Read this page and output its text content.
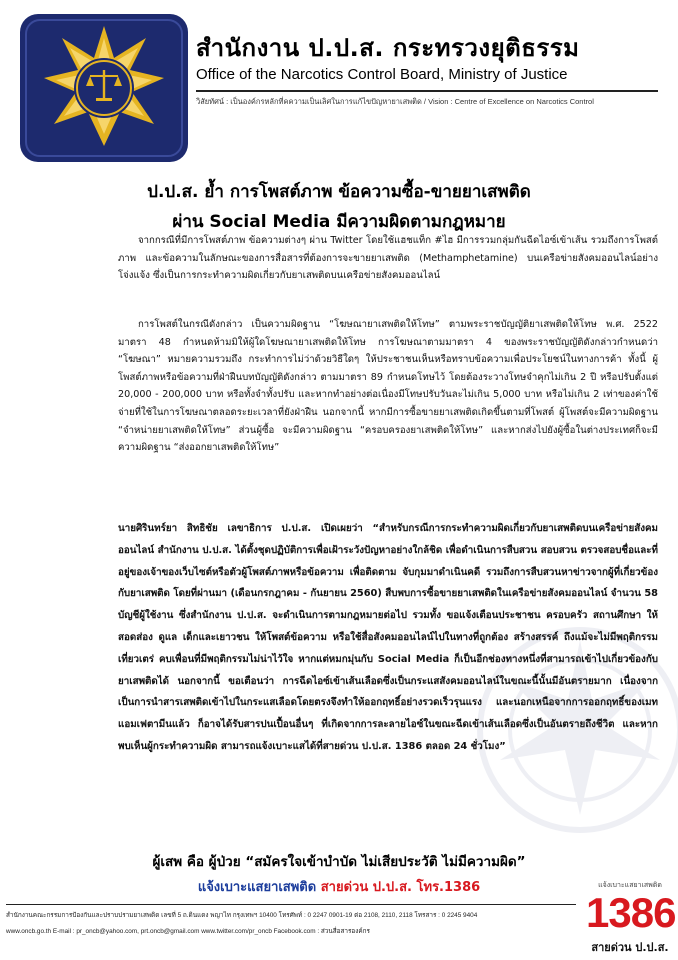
สำนักงาน ป.ป.ส. กระทรวงยุติธรรม
Office of the Narcotics Control Board, Ministry of Justice
วิสัยทัศน์ : เป็นองค์กรหลักที่คความเป็นเลิศในการแก้ไขปัญหายาเสพติด / Vision : Centre of Excellence on Narcotics Control
ป.ป.ส. ย้ำ การโพสต์ภาพ ข้อความซื้อ-ขายยาเสพติด
ผ่าน Social Media มีความผิดตามกฎหมาย
จากกรณีที่มีการโพสต์ภาพ ข้อความต่างๆ ผ่าน Twitter โดยใช้แฮชแท็ก #ไฮ มีการรวมกลุ่มกันฉีดไอซ์เข้าเส้น รวมถึงการโพสต์ภาพ และข้อความในลักษณะของการสื่อสารที่ต้องการจะขายยาเสพติด (Methamphetamine) บนเครือข่ายสังคมออนไลน์อย่างโจ่งแจ้ง ซึ่งเป็นการกระทำความผิดเกี่ยวกับยาเสพติดบนเครือข่ายสังคมออนไลน์
การโพสต์ในกรณีดังกล่าว เป็นความผิดฐาน “โฆษณายาเสพติดให้โทษ” ตามพระราชบัญญัติยาเสพติดให้โทษ พ.ศ. 2522 มาตรา 48 กำหนดห้ามมิให้ผู้ใดโฆษณายาเสพติดให้โทษ การโฆษณาตามมาตรา 4 ของพระราชบัญญัติดังกล่าวกำหนดว่า “โฆษณา” หมายความรวมถึง กระทำการไม่ว่าด้วยวิธีใดๆ ให้ประชาชนเห็นหรือทราบข้อความเพื่อประโยชน์ในทางการค้า ทั้งนี้ ผู้โพสต์ภาพหรือข้อความที่ฝ่าฝืนบทบัญญัติดังกล่าว ตามมาตรา 89 กำหนดโทษไว้ โดยต้องระวางโทษจำคุกไม่เกิน 2 ปี หรือปรับตั้งแต่ 20,000 - 200,000 บาท หรือทั้งจำทั้งปรับ และหากทำอย่างต่อเนื่องมีโทษปรับวันละไม่เกิน 5,000 บาท หรือไม่เกิน 2 เท่าของค่าใช้จ่ายที่ใช้ในการโฆษณาตลอดระยะเวลาที่ยังฝ่าฝืน นอกจากนี้ หากมีการซื้อขายยาเสพติดเกิดขึ้นตามที่โพสต์ ผู้โพสต์จะมีความผิดฐาน “จำหน่ายยาเสพติดให้โทษ” ส่วนผู้ซื้อ จะมีความผิดฐาน “ครอบครองยาเสพติดให้โทษ” และหากส่งไปยังผู้ซื้อในต่างประเทศก็จะมีความผิดฐาน “ส่งออกยาเสพติดให้โทษ”
นายศิรินทร์ยา สิทธิชัย เลขาธิการ ป.ป.ส. เปิดเผยว่า “สำหรับกรณีการกระทำความผิดเกี่ยวกับยาเสพติดบนเครือข่ายสังคมออนไลน์ สำนักงาน ป.ป.ส. ได้ตั้งชุดปฏิบัติการเพื่อเฝ้าระวังปัญหาอย่างใกล้ชิด เพื่อดำเนินการสืบสวน สอบสวน ตรวจสอบชื่อและที่อยู่ของเจ้าของเว็บไซต์หรือตัวผู้โพสต์ภาพหรือข้อความ เพื่อติดตาม จับกุมมาดำเนินคดี รวมถึงการสืบสวนหาข่าวจากผู้ที่เกี่ยวข้องกับยาเสพติด โดยที่ผ่านมา (เดือนกรกฎาคม - กันยายน 2560) สืบพบการซื้อขายยาเสพติดในเครือข่ายสังคมออนไลน์ จำนวน 58 บัญชีผู้ใช้งาน ซึ่งสำนักงาน ป.ป.ส. จะดำเนินการตามกฎหมายต่อไป รวมทั้ง ขอแจ้งเตือนประชาชน ครอบครัว สถานศึกษา ให้สอดส่อง ดูแล เด็กและเยาวชน ให้โพสต์ข้อความ หรือใช้สื่อสังคมออนไลน์ไปในทางที่ถูกต้อง สร้างสรรค์ ถึงแม้จะไม่มีพฤติกรรมเที่ยวเตร่ คบเพื่อนที่มีพฤติกรรมไม่น่าไว้ใจ หากแต่หมกมุ่นกับ Social Media ก็เป็นอีกช่องทางหนึ่งที่สามารถเข้าไปเกี่ยวข้องกับยาเสพติดได้ นอกจากนี้ ขอเตือนว่า การฉีดไอซ์เข้าเส้นเลือดซึ่งเป็นกระแสสังคมออนไลน์ในขณะนี้นั้นมีอันตรายมาก เนื่องจากเป็นการนำสารเสพติดเข้าไปในกระแสเลือดโดยตรงจึงทำให้ออกฤทธิ์อย่างรวดเร็วรุนแรง และนอกเหนือจากการออกฤทธิ์ของเมทแอมเฟตามีนแล้ว ก็อาจได้รับสารปนเปื้อนอื่นๆ ที่เกิดจากการละลายไอซ์ในขณะฉีดเข้าเส้นเลือดซึ่งเป็นอันตรายถึงชีวิต และหากพบเห็นผู้กระทำความผิด สามารถแจ้งเบาะแสได้ที่สายด่วน ป.ป.ส. 1386 ตลอด 24 ชั่วโมง”
ผู้เสพ คือ ผู้ป่วย “สมัครใจเข้าบำบัด ไม่เสียประวัติ ไม่มีความผิด”
แจ้งเบาะแสยาเสพติด สายด่วน ป.ป.ส. โทร.1386
สำนักงานคณะกรรมการป้องกันและปราบปรามยาเสพติด เลขที่ 5 ถ.ดินแดง พญาไท กรุงเทพฯ 10400 โทรศัพท์ : 0 2247 0901-19 ต่อ 2108, 2110, 2118 โทรสาร : 0 2245 9404
www.oncb.go.th E-mail : pr_oncb@yahoo.com, prt.oncb@gmail.com www.twitter.com/pr_oncb Facebook.com : ส่วนสื่อสารองค์กร
แจ้งเบาะแสยาเสพติด
1386
สายด่วน ป.ป.ส.
